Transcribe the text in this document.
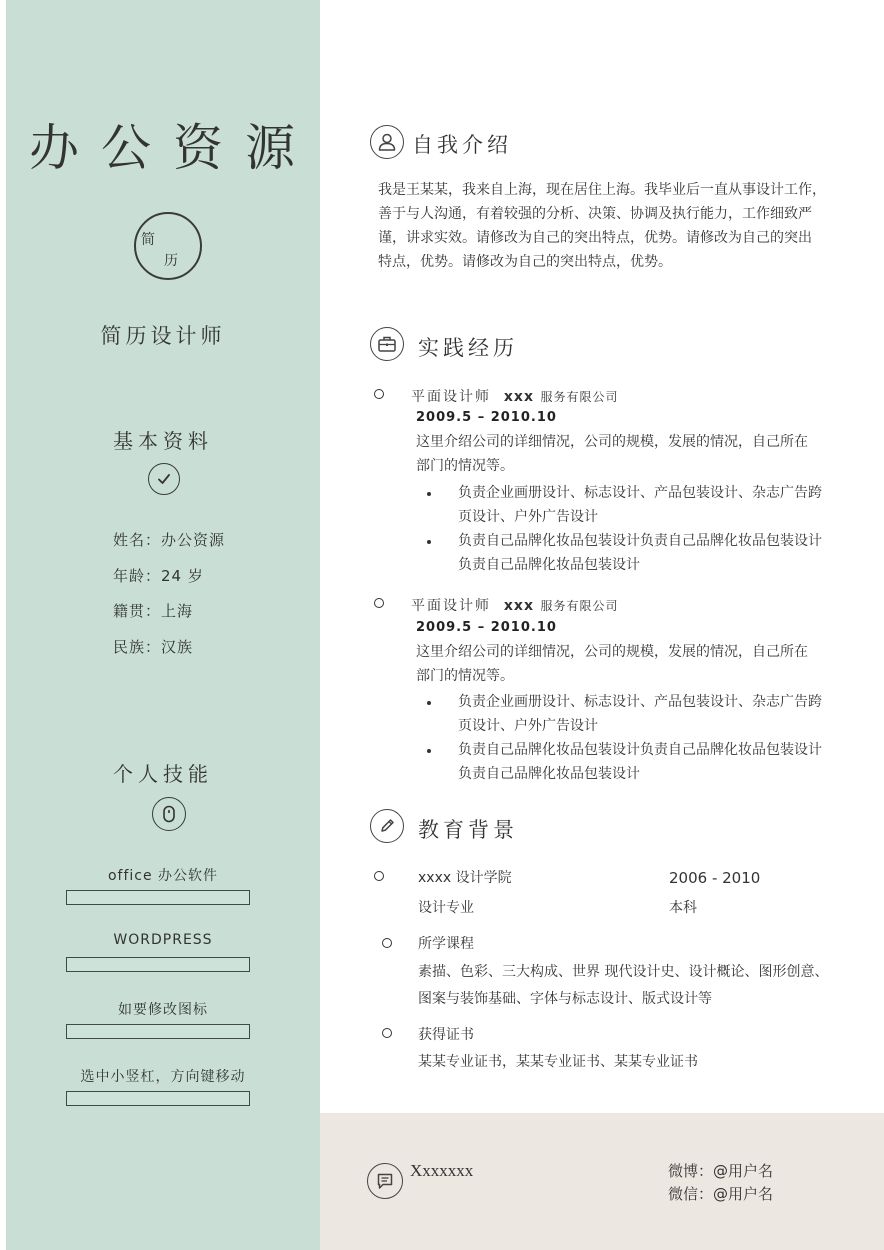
办公资源
简
历
简历设计师
基本资料
姓名：办公资源
年龄：24 岁
籍贯：上海
民族：汉族
个人技能
office 办公软件
WORDPRESS
如要修改图标
选中小竖杠，方向键移动
自我介绍
我是王某某，我来自上海，现在居住上海。我毕业后一直从事设计工作，
善于与人沟通，有着较强的分析、决策、协调及执行能力，工作细致严
谨，讲求实效。请修改为自己的突出特点，优势。请修改为自己的突出
特点，优势。请修改为自己的突出特点，优势。
实践经历
平面设计师 xxx 服务有限公司
2009.5 – 2010.10
这里介绍公司的详细情况，公司的规模，发展的情况，自己所在
部门的情况等。
负责企业画册设计、标志设计、产品包装设计、杂志广告跨
页设计、户外广告设计
负责自己品牌化妆品包装设计负责自己品牌化妆品包装设计
负责自己品牌化妆品包装设计
平面设计师 xxx 服务有限公司
2009.5 – 2010.10
这里介绍公司的详细情况，公司的规模，发展的情况，自己所在
部门的情况等。
负责企业画册设计、标志设计、产品包装设计、杂志广告跨
页设计、户外广告设计
负责自己品牌化妆品包装设计负责自己品牌化妆品包装设计
负责自己品牌化妆品包装设计
教育背景
xxxx 设计学院	2006 - 2010
设计专业	本科
所学课程
素描、色彩、三大构成、世界 现代设计史、设计概论、图形创意、
图案与装饰基础、字体与标志设计、版式设计等
获得证书
某某专业证书，某某专业证书、某某专业证书
Xxxxxxx	微博：@用户名
微信：@用户名
